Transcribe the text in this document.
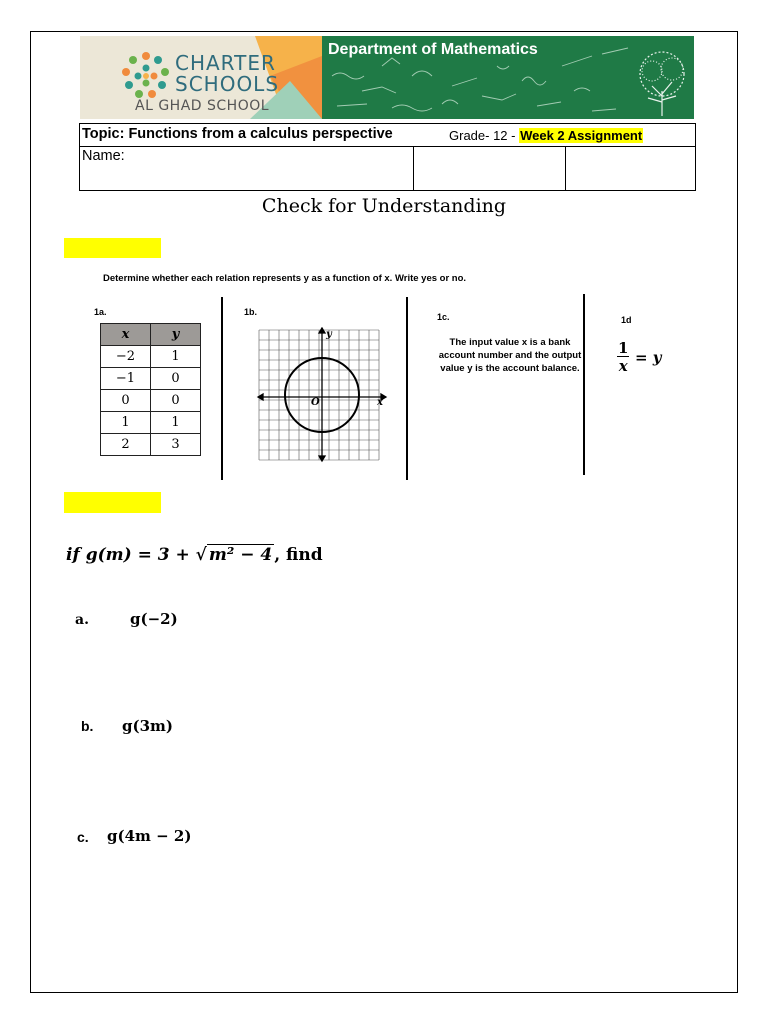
CHARTER
SCHOOLS
AL GHAD SCHOOL
Department of Mathematics
Topic: Functions from a calculus perspective	Grade- 12 - Week 2 Assignment
Name:
Check for Understanding
Determine whether each relation represents y as a function of x. Write yes or no.
1a.
x	y
−2	1
−1	0
0	0
1	1
2	3
1b.
y
x
O
1c.
The input value x is a bank account number and the output value y is the account balance.
1d
$\frac{1}{x} = y$
if g(m) = 3 + √ m² − 4 , find
a.	g(−2)
b. g(3m)
c. g(4m − 2)
